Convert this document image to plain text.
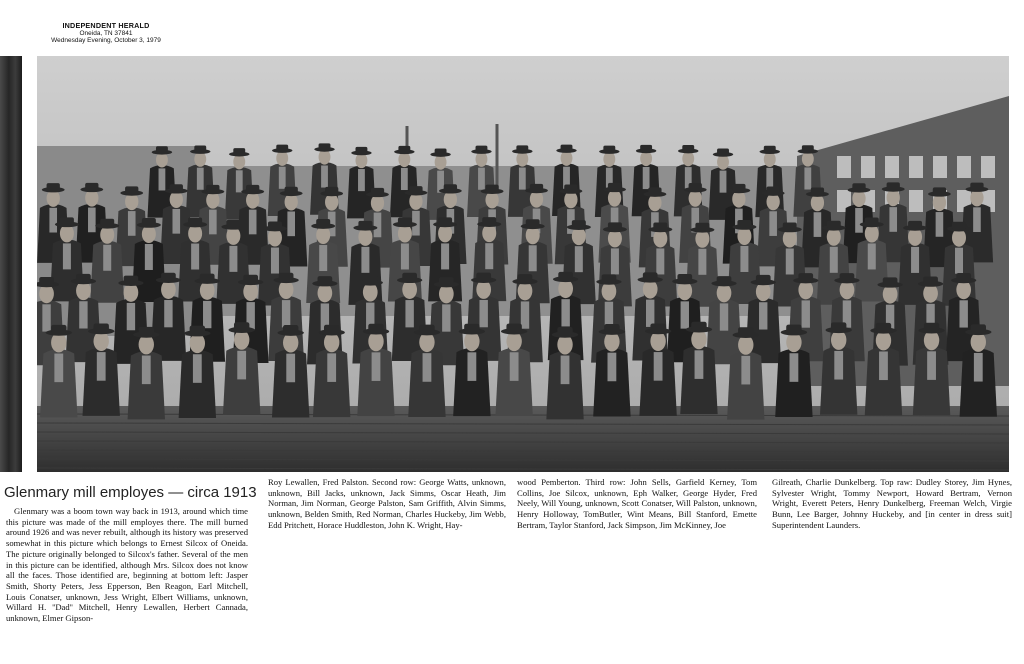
INDEPENDENT HERALD
Oneida, TN 37841
Wednesday Evening, October 3, 1979
Glenmary mill employes — circa 1913

Glenmary was a boom town way back in 1913, around which time this picture was made of the mill employes there. The mill burned around 1926 and was never rebuilt, although its history was preserved somewhat in this picture which belongs to Ernest Silcox of Oneida. The picture originally belonged to Silcox's father. Several of the men in this picture can be identified, although Mrs. Silcox does not know all the faces. Those identified are, beginning at bottom left: Jasper Smith, Shorty Peters, Jess Epperson, Ben Reagon, Earl Mitchell, Louis Conatser, unknown, Jess Wright, Elbert Williams, unknown, Willard H. ''Dad'' Mitchell, Henry Lewallen, Herbert Cannada, unknown, Elmer Gipson-

Roy Lewallen, Fred Palston. Second row: George Watts, unknown, unknown, Bill Jacks, unknown, Jack Simms, Oscar Heath, Jim Norman, Jim Norman, George Palston, Sam Griffith, Alvin Simms, unknown, Belden Smith, Red Norman, Charles Huckeby, Jim Webb, Edd Pritchett, Horace Huddleston, John K. Wright, Hay-

wood Pemberton. Third row: John Sells, Garfield Kerney, Tom Collins, Joe Silcox, unknown, Eph Walker, George Hyder, Fred Neely, Will Young, unknown, Scott Conatser, Will Palston, unknown, Henry Holloway, TomButler, Wint Means, Bill Stanford, Emette Bertram, Taylor Stanford, Jack Simpson, Jim McKinney, Joe

Gilreath, Charlie Dunkelberg. Top raw: Dudley Storey, Jim Hynes, Sylvester Wright, Tommy Newport, Howard Bertram, Vernon Wright, Everett Peters, Henry Dunkelberg, Freeman Welch, Virgie Bunn, Lee Barger, Johnny Huckeby, and [in center in dress suit] Superintendent Launders.
